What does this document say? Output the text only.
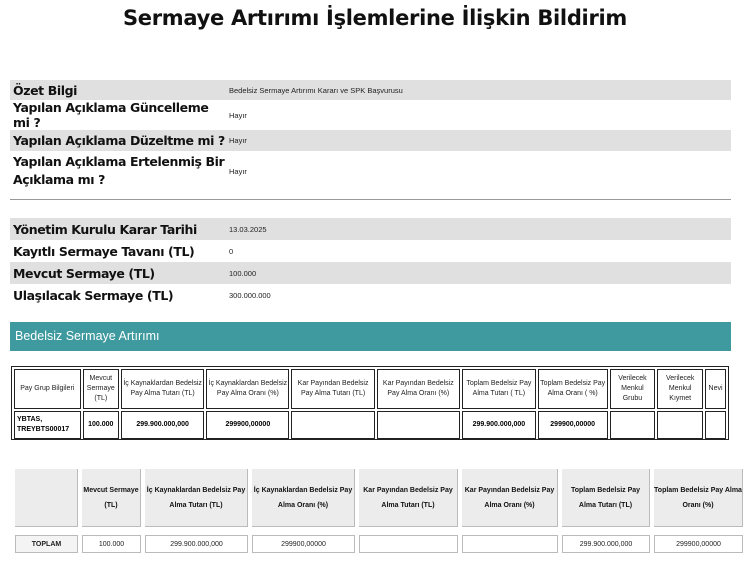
Sermaye Artırımı İşlemlerine İlişkin Bildirim
Özet Bilgi	Bedelsiz Sermaye Artırımı Kararı ve SPK Başvurusu
Yapılan Açıklama Güncelleme mi ?	Hayır
Yapılan Açıklama Düzeltme mi ?	Hayır
Yapılan Açıklama Ertelenmiş Bir Açıklama mı ?	Hayır
Yönetim Kurulu Karar Tarihi	13.03.2025
Kayıtlı Sermaye Tavanı (TL)	0
Mevcut Sermaye (TL)	100.000
Ulaşılacak Sermaye (TL)	300.000.000
Bedelsiz Sermaye Artırımı
Pay Grup Bilgileri	Mevcut Sermaye (TL)	İç Kaynaklardan Bedelsiz Pay Alma Tutarı (TL)	İç Kaynaklardan Bedelsiz Pay Alma Oranı (%)	Kar Payından Bedelsiz Pay Alma Tutarı (TL)	Kar Payından Bedelsiz Pay Alma Oranı (%)	Toplam Bedelsiz Pay Alma Tutarı ( TL)	Toplam Bedelsiz Pay Alma Oranı ( %)	Verilecek Menkul Grubu	Verilecek Menkul Kıymet	Nevi
YBTAS, TREYBTS00017	100.000	299.900.000,000	299900,00000			299.900.000,000	299900,00000			
	Mevcut Sermaye (TL)	İç Kaynaklardan Bedelsiz Pay Alma Tutarı (TL)	İç Kaynaklardan Bedelsiz Pay Alma Oranı (%)	Kar Payından Bedelsiz Pay Alma Tutarı (TL)	Kar Payından Bedelsiz Pay Alma Oranı (%)	Toplam Bedelsiz Pay Alma Tutarı (TL)	Toplam Bedelsiz Pay Alma Oranı (%)

TOPLAM	100.000	299.900.000,000	299900,00000			299.900.000,000	299900,00000
